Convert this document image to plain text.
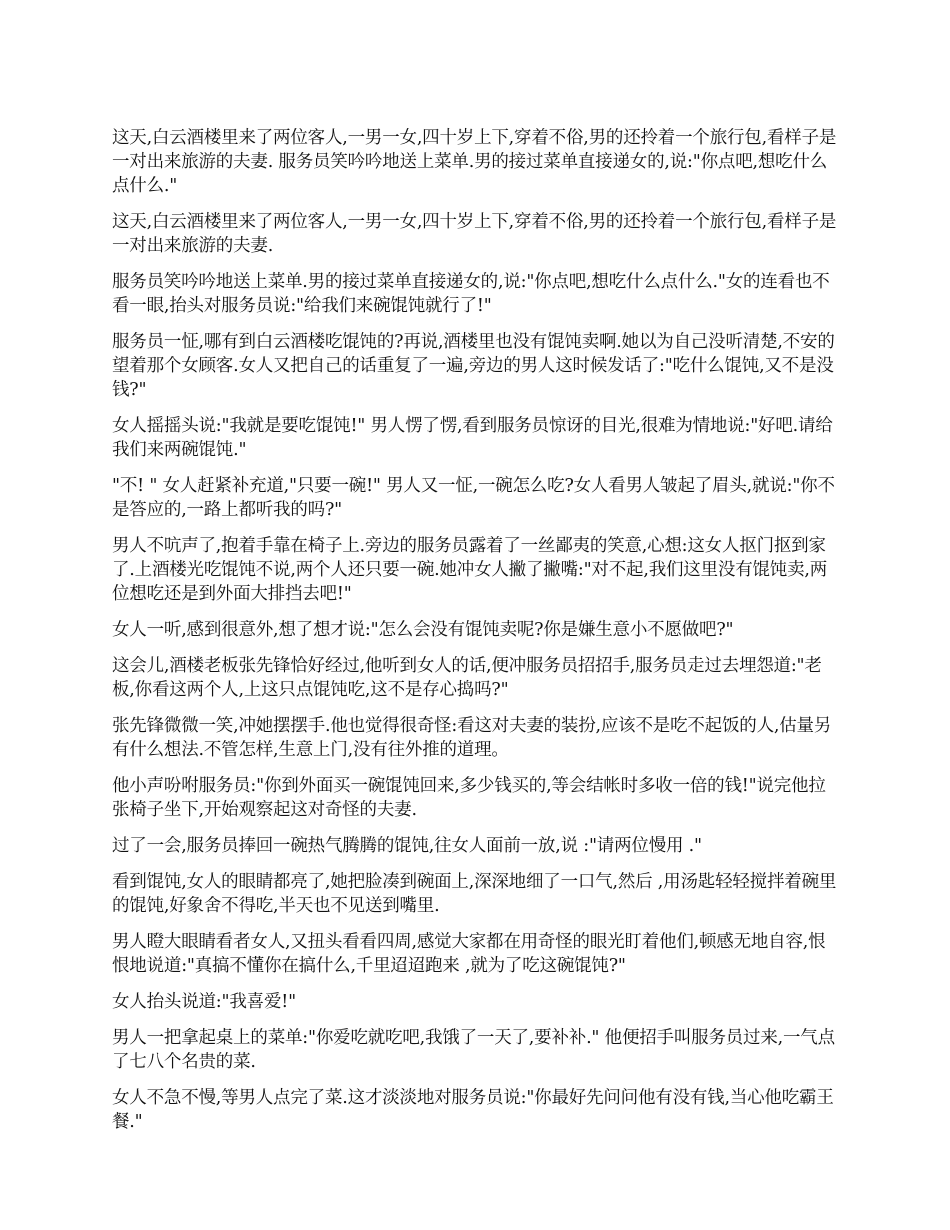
这天,白云酒楼里来了两位客人,一男一女,四十岁上下,穿着不俗,男的还拎着一个旅行包,看样子是一对出来旅游的夫妻. 服务员笑吟吟地送上菜单.男的接过菜单直接递女的,说:"你点吧,想吃什么点什么."

这天,白云酒楼里来了两位客人,一男一女,四十岁上下,穿着不俗,男的还拎着一个旅行包,看样子是一对出来旅游的夫妻.

服务员笑吟吟地送上菜单.男的接过菜单直接递女的,说:"你点吧,想吃什么点什么."女的连看也不看一眼,抬头对服务员说:"给我们来碗馄饨就行了!"

服务员一怔,哪有到白云酒楼吃馄饨的?再说,酒楼里也没有馄饨卖啊.她以为自己没听清楚,不安的望着那个女顾客.女人又把自己的话重复了一遍,旁边的男人这时候发话了:"吃什么馄饨,又不是没钱?"

女人摇摇头说:"我就是要吃馄饨!" 男人愣了愣,看到服务员惊讶的目光,很难为情地说:"好吧.请给我们来两碗馄饨."

"不! " 女人赶紧补充道,"只要一碗!" 男人又一怔,一碗怎么吃?女人看男人皱起了眉头,就说:"你不是答应的,一路上都听我的吗?"

男人不吭声了,抱着手靠在椅子上.旁边的服务员露着了一丝鄙夷的笑意,心想:这女人抠门抠到家了.上酒楼光吃馄饨不说,两个人还只要一碗.她冲女人撇了撇嘴:"对不起,我们这里没有馄饨卖,两位想吃还是到外面大排挡去吧!"

女人一听,感到很意外,想了想才说:"怎么会没有馄饨卖呢?你是嫌生意小不愿做吧?"

这会儿,酒楼老板张先锋恰好经过,他听到女人的话,便冲服务员招招手,服务员走过去埋怨道:"老板,你看这两个人,上这只点馄饨吃,这不是存心捣吗?"

张先锋微微一笑,冲她摆摆手.他也觉得很奇怪:看这对夫妻的装扮,应该不是吃不起饭的人,估量另有什么想法.不管怎样,生意上门,没有往外推的道理。

他小声吩咐服务员:"你到外面买一碗馄饨回来,多少钱买的,等会结帐时多收一倍的钱!"说完他拉张椅子坐下,开始观察起这对奇怪的夫妻.

过了一会,服务员捧回一碗热气腾腾的馄饨,往女人面前一放,说 :"请两位慢用 ."

看到馄饨,女人的眼睛都亮了,她把脸凑到碗面上,深深地细了一口气,然后 ,用汤匙轻轻搅拌着碗里的馄饨,好象舍不得吃,半天也不见送到嘴里.

男人瞪大眼睛看者女人,又扭头看看四周,感觉大家都在用奇怪的眼光盯着他们,顿感无地自容,恨恨地说道:"真搞不懂你在搞什么,千里迢迢跑来 ,就为了吃这碗馄饨?"

女人抬头说道:"我喜爱!"

男人一把拿起桌上的菜单:"你爱吃就吃吧,我饿了一天了,要补补." 他便招手叫服务员过来,一气点了七八个名贵的菜.

女人不急不慢,等男人点完了菜.这才淡淡地对服务员说:"你最好先问问他有没有钱,当心他吃霸王餐."
